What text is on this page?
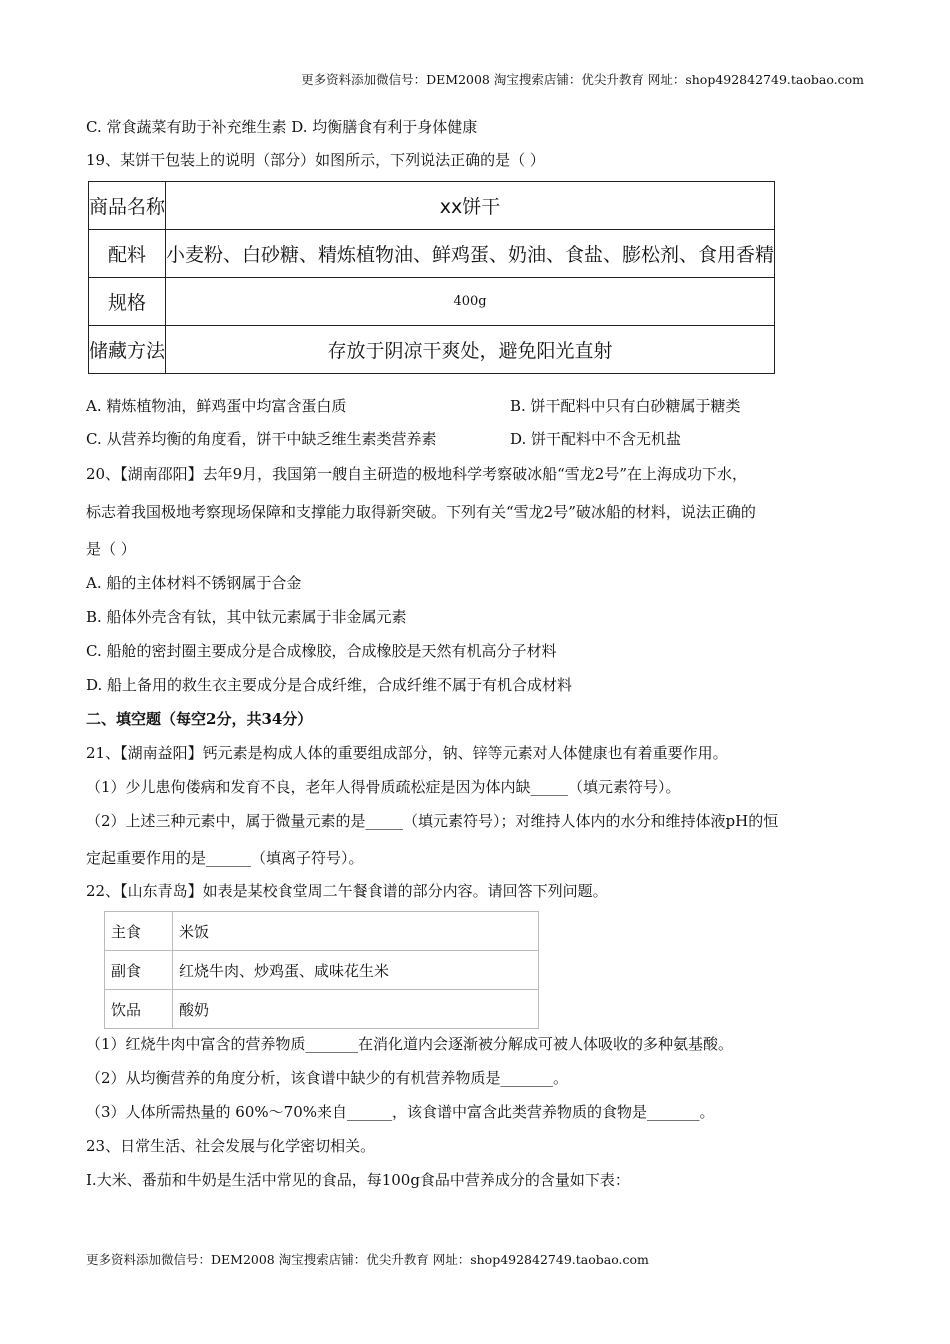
更多资料添加微信号：DEM2008 淘宝搜索店铺：优尖升教育 网址：shop492842749.taobao.com
C. 常食蔬菜有助于补充维生素 D. 均衡膳食有利于身体健康
19、某饼干包装上的说明（部分）如图所示，下列说法正确的是（ ）
商品名称	xx饼干
配料	小麦粉、白砂糖、精炼植物油、鲜鸡蛋、奶油、食盐、膨松剂、食用香精
规格	400g
储藏方法	存放于阴凉干爽处，避免阳光直射
A. 精炼植物油，鲜鸡蛋中均富含蛋白质	B. 饼干配料中只有白砂糖属于糖类
C. 从营养均衡的角度看，饼干中缺乏维生素类营养素	D. 饼干配料中不含无机盐
20、【湖南邵阳】去年9月，我国第一艘自主研造的极地科学考察破冰船“雪龙2号”在上海成功下水，
标志着我国极地考察现场保障和支撑能力取得新突破。下列有关“雪龙2号”破冰船的材料，说法正确的
是（ ）
A. 船的主体材料不锈钢属于合金
B. 船体外壳含有钛，其中钛元素属于非金属元素
C. 船舱的密封圈主要成分是合成橡胶，合成橡胶是天然有机高分子材料
D. 船上备用的救生衣主要成分是合成纤维，合成纤维不属于有机合成材料
二、填空题（每空2分，共34分）
21、【湖南益阳】钙元素是构成人体的重要组成部分，钠、锌等元素对人体健康也有着重要作用。
（1）少儿患佝偻病和发育不良，老年人得骨质疏松症是因为体内缺_____（填元素符号）。
（2）上述三种元素中，属于微量元素的是_____（填元素符号）；对维持人体内的水分和维持体液pH的恒
定起重要作用的是______（填离子符号）。
22、【山东青岛】如表是某校食堂周二午餐食谱的部分内容。请回答下列问题。
主食	米饭
副食	红烧牛肉、炒鸡蛋、咸味花生米
饮品	酸奶
（1）红烧牛肉中富含的营养物质_______在消化道内会逐渐被分解成可被人体吸收的多种氨基酸。
（2）从均衡营养的角度分析，该食谱中缺少的有机营养物质是_______。
（3）人体所需热量的 60%～70%来自______，该食谱中富含此类营养物质的食物是_______。
23、日常生活、社会发展与化学密切相关。
I.大米、番茄和牛奶是生活中常见的食品，每100g食品中营养成分的含量如下表：
更多资料添加微信号：DEM2008 淘宝搜索店铺：优尖升教育 网址：shop492842749.taobao.com
